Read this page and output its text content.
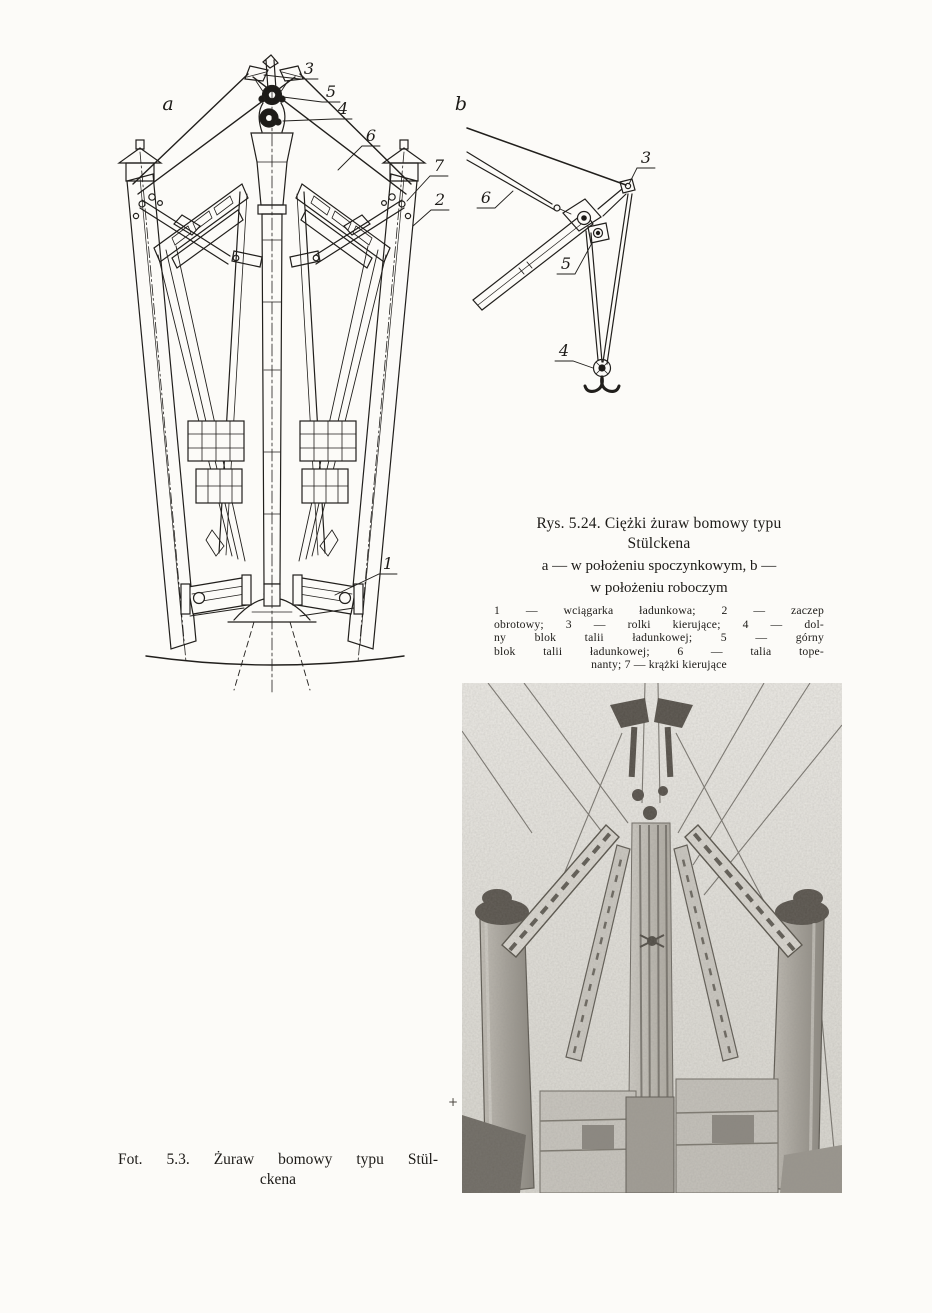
a	b
3
5
4
6
7
2
1
6
3
5
4
Rys. 5.24. Ciężki żuraw bomowy typu
Stülckena
a — w położeniu spoczynkowym, b —
w położeniu roboczym
1 — wciągarka ładunkowa; 2 — zaczep
obrotowy; 3 — rolki kierujące; 4 — dol-
ny blok talii ładunkowej; 5 — górny
blok talii ładunkowej; 6 — talia tope-
nanty; 7 — krążki kierujące
Fot. 5.3. Żuraw bomowy typu Stül-
ckena
+
